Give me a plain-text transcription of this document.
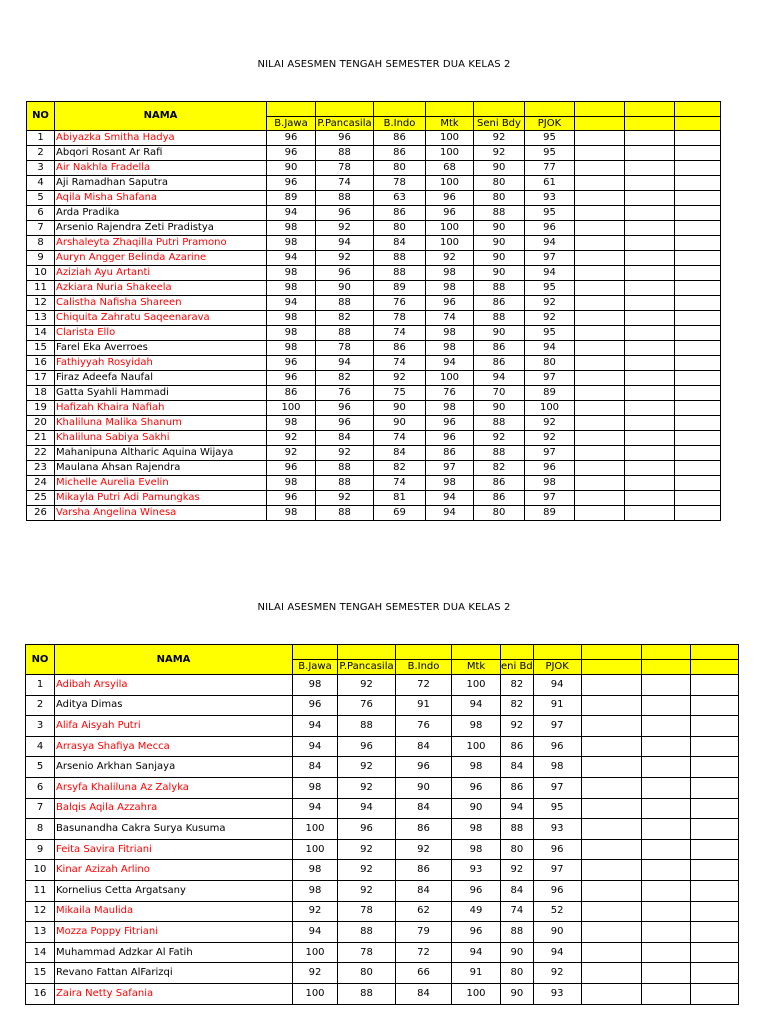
NILAI ASESMEN TENGAH SEMESTER DUA KELAS 2
NO	NAMA									
		B.Jawa	P.Pancasila	B.Indo	Mtk	Seni Bdy	PJOK			
1	Abiyazka Smitha Hadya	96	96	86	100	92	95			
2	Abqori Rosant Ar Rafi	96	88	86	100	92	95			
3	Air Nakhla Fradella	90	78	80	68	90	77			
4	Aji Ramadhan Saputra	96	74	78	100	80	61			
5	Aqila Misha Shafana	89	88	63	96	80	93			
6	Arda Pradika	94	96	86	96	88	95			
7	Arsenio Rajendra Zeti Pradistya	98	92	80	100	90	96			
8	Arshaleyta Zhaqilla Putri Pramono	98	94	84	100	90	94			
9	Auryn Angger Belinda Azarine	94	92	88	92	90	97			
10	Aziziah Ayu Artanti	98	96	88	98	90	94			
11	Azkiara Nuria Shakeela	98	90	89	98	88	95			
12	Calistha Nafisha Shareen	94	88	76	96	86	92			
13	Chiquita Zahratu Saqeenarava	98	82	78	74	88	92			
14	Clarista Ello	98	88	74	98	90	95			
15	Farel Eka Averroes	98	78	86	98	86	94			
16	Fathiyyah Rosyidah	96	94	74	94	86	80			
17	Firaz Adeefa Naufal	96	82	92	100	94	97			
18	Gatta Syahli Hammadi	86	76	75	76	70	89			
19	Hafizah Khaira Nafiah	100	96	90	98	90	100			
20	Khaliluna Malika Shanum	98	96	90	96	88	92			
21	Khaliluna Sabiya Sakhi	92	84	74	96	92	92			
22	Mahanipuna Altharic Aquina Wijaya	92	92	84	86	88	97			
23	Maulana Ahsan Rajendra	96	88	82	97	82	96			
24	Michelle Aurelia Evelin	98	88	74	98	86	98			
25	Mikayla Putri Adi Pamungkas	96	92	81	94	86	97			
26	Varsha Angelina Winesa	98	88	69	94	80	89			
NILAI ASESMEN TENGAH SEMESTER DUA KELAS 2
NO	NAMA									
		B.Jawa	P.Pancasila	B.Indo	Mtk	eni Bd	PJOK			
1	Adibah Arsyila	98	92	72	100	82	94			
2	Aditya Dimas	96	76	91	94	82	91			
3	Alifa Aisyah Putri	94	88	76	98	92	97			
4	Arrasya Shafiya Mecca	94	96	84	100	86	96			
5	Arsenio Arkhan Sanjaya	84	92	96	98	84	98			
6	Arsyfa Khaliluna Az Zalyka	98	92	90	96	86	97			
7	Balqis Aqila Azzahra	94	94	84	90	94	95			
8	Basunandha Cakra Surya Kusuma	100	96	86	98	88	93			
9	Feita Savira Fitriani	100	92	92	98	80	96			
10	Kinar Azizah Arlino	98	92	86	93	92	97			
11	Kornelius Cetta Argatsany	98	92	84	96	84	96			
12	Mikaila Maulida	92	78	62	49	74	52			
13	Mozza Poppy Fitriani	94	88	79	96	88	90			
14	Muhammad Adzkar Al Fatih	100	78	72	94	90	94			
15	Revano Fattan AlFarizqi	92	80	66	91	80	92			
16	Zaira Netty Safania	100	88	84	100	90	93			
